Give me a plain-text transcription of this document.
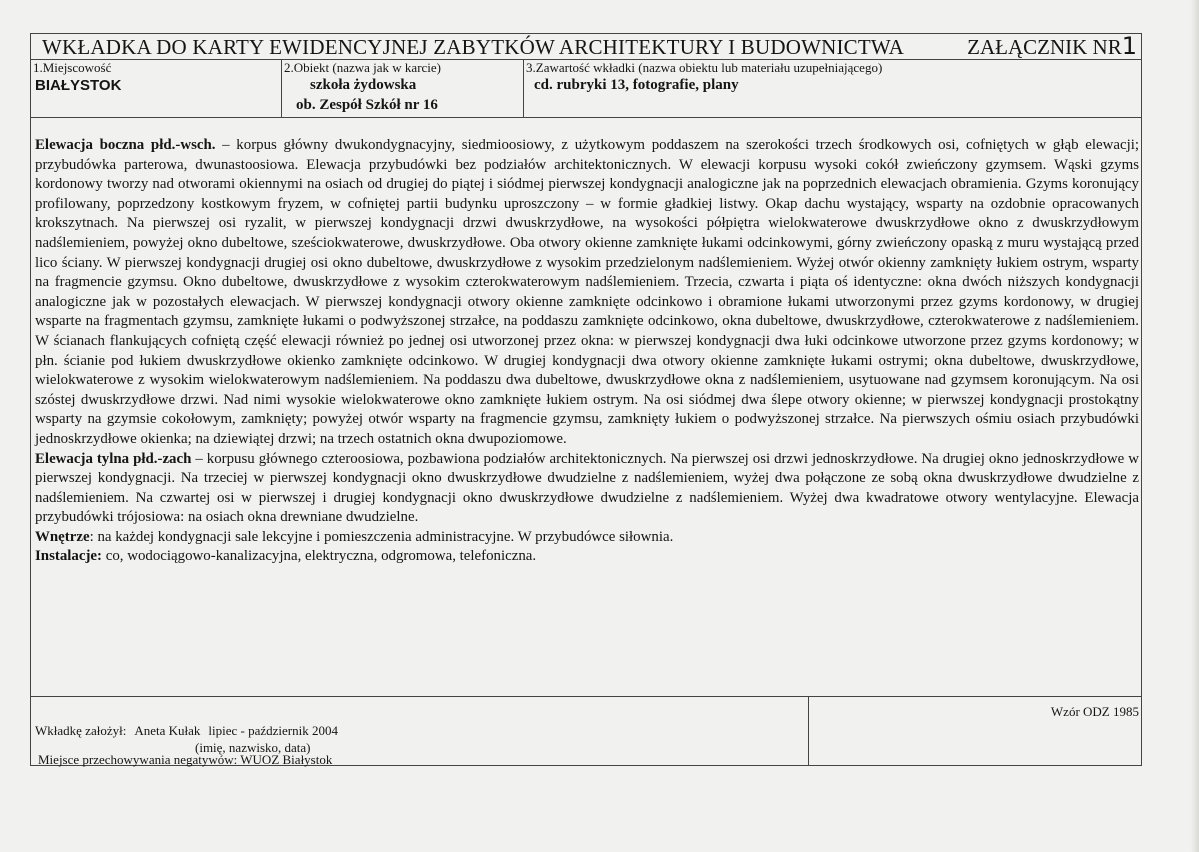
WKŁADKA DO KARTY EWIDENCYJNEJ ZABYTKÓW ARCHITEKTURY I BUDOWNICTWA	ZAŁĄCZNIK NR1
1.Miejscowość
BIAŁYSTOK
2.Obiekt (nazwa jak w karcie)
szkoła żydowska
ob. Zespół Szkół nr 16
3.Zawartość wkładki (nazwa obiektu lub materiału uzupełniającego)
cd. rubryki 13, fotografie, plany

Elewacja boczna płd.-wsch. – korpus główny dwukondygnacyjny, siedmioosiowy, z użytkowym poddaszem na szerokości trzech środkowych osi, cofniętych w głąb elewacji; przybudówka parterowa, dwunastoosiowa. Elewacja przybudówki bez podziałów architektonicznych. W elewacji korpusu wysoki cokół zwieńczony gzymsem. Wąski gzyms kordonowy tworzy nad otworami okiennymi na osiach od drugiej do piątej i siódmej pierwszej kondygnacji analogiczne jak na poprzednich elewacjach obramienia. Gzyms koronujący profilowany, poprzedzony kostkowym fryzem, w cofniętej partii budynku uproszczony – w formie gładkiej listwy. Okap dachu wystający, wsparty na ozdobnie opracowanych krokszytnach. Na pierwszej osi ryzalit, w pierwszej kondygnacji drzwi dwuskrzydłowe, na wysokości półpiętra wielokwaterowe dwuskrzydłowe okno z dwuskrzydłowym nadślemieniem, powyżej okno dubeltowe, sześciokwaterowe, dwuskrzydłowe. Oba otwory okienne zamknięte łukami odcinkowymi, górny zwieńczony opaską z muru wystającą przed lico ściany. W pierwszej kondygnacji drugiej osi okno dubeltowe, dwuskrzydłowe z wysokim przedzielonym nadślemieniem. Wyżej otwór okienny zamknięty łukiem ostrym, wsparty na fragmencie gzymsu. Okno dubeltowe, dwuskrzydłowe z wysokim czterokwaterowym nadślemieniem. Trzecia, czwarta i piąta oś identyczne: okna dwóch niższych kondygnacji analogiczne jak w pozostałych elewacjach. W pierwszej kondygnacji otwory okienne zamknięte odcinkowo i obramione łukami utworzonymi przez gzyms kordonowy, w drugiej wsparte na fragmentach gzymsu, zamknięte łukami o podwyższonej strzałce, na poddaszu zamknięte odcinkowo, okna dubeltowe, dwuskrzydłowe, czterokwaterowe z nadślemieniem. W ścianach flankujących cofniętą część elewacji również po jednej osi utworzonej przez okna: w pierwszej kondygnacji dwa łuki odcinkowe utworzone przez gzyms kordonowy; w płn. ścianie pod łukiem dwuskrzydłowe okienko zamknięte odcinkowo. W drugiej kondygnacji dwa otwory okienne zamknięte łukami ostrymi; okna dubeltowe, dwuskrzydłowe, wielokwaterowe z wysokim wielokwaterowym nadślemieniem. Na poddaszu dwa dubeltowe, dwuskrzydłowe okna z nadślemieniem, usytuowane nad gzymsem koronującym. Na osi szóstej dwuskrzydłowe drzwi. Nad nimi wysokie wielokwaterowe okno zamknięte łukiem ostrym. Na osi siódmej dwa ślepe otwory okienne; w pierwszej kondygnacji prostokątny wsparty na gzymsie cokołowym, zamknięty; powyżej otwór wsparty na fragmencie gzymsu, zamknięty łukiem o podwyższonej strzałce. Na pierwszych ośmiu osiach przybudówki jednoskrzydłowe okienka; na dziewiątej drzwi; na trzech ostatnich okna dwupoziomowe.

Elewacja tylna płd.-zach – korpusu głównego czteroosiowa, pozbawiona podziałów architektonicznych. Na pierwszej osi drzwi jednoskrzydłowe. Na drugiej okno jednoskrzydłowe w pierwszej kondygnacji. Na trzeciej w pierwszej kondygnacji okno dwuskrzydłowe dwudzielne z nadślemieniem, wyżej dwa połączone ze sobą okna dwuskrzydłowe dwudzielne z nadślemieniem. Na czwartej osi w pierwszej i drugiej kondygnacji okno dwuskrzydłowe dwudzielne z nadślemieniem. Wyżej dwa kwadratowe otwory wentylacyjne. Elewacja przybudówki trójosiowa: na osiach okna drewniane dwudzielne.

Wnętrze: na każdej kondygnacji sale lekcyjne i pomieszczenia administracyjne. W przybudówce siłownia.

Instalacje: co, wodociągowo-kanalizacyjna, elektryczna, odgromowa, telefoniczna.

Wkładkę założył: Aneta Kułak lipiec - październik 2004
(imię, nazwisko, data)
Wzór ODZ 1985
Miejsce przechowywania negatywów: WUOZ Białystok
